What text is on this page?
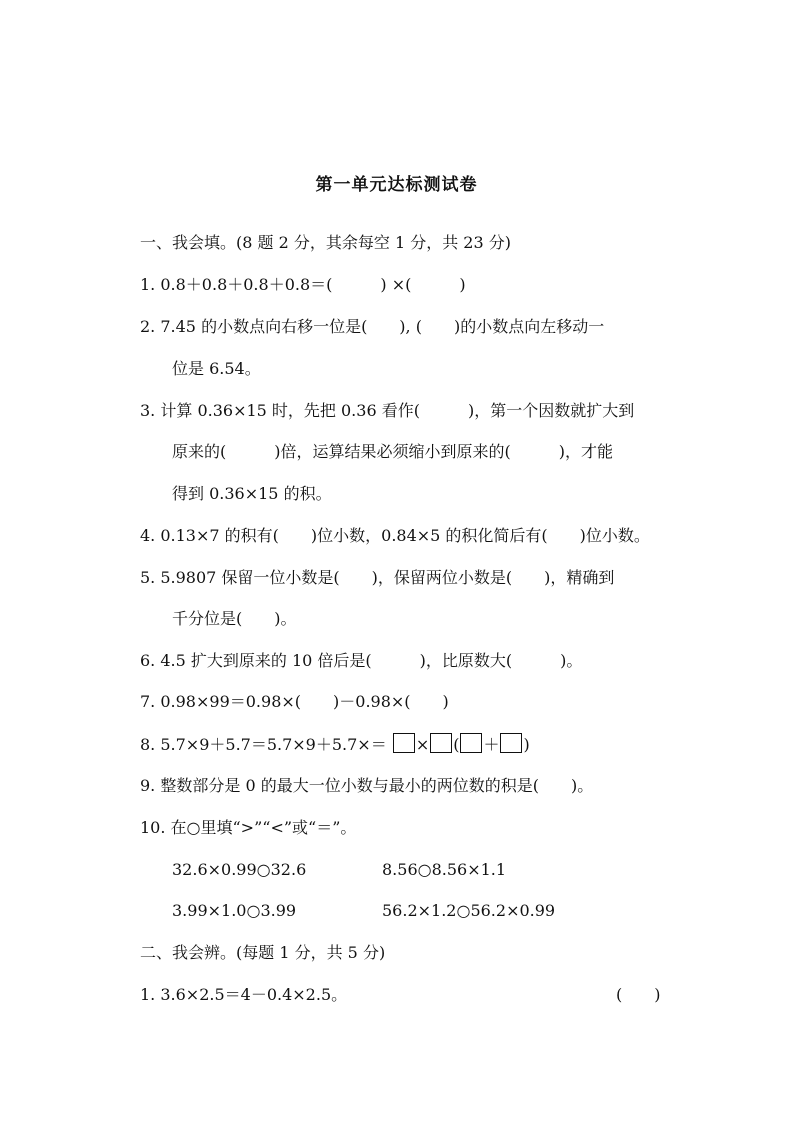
第一单元达标测试卷
一、我会填。(8 题 2 分，其余每空 1 分，共 23 分)
1. 0.8＋0.8＋0.8＋0.8＝(　　　) ×(　　　)
2. 7.45 的小数点向右移一位是(　　), (　　)的小数点向左移动一
位是 6.54。
3. 计算 0.36×15 时，先把 0.36 看作(　　　)，第一个因数就扩大到
原来的(　　　)倍，运算结果必须缩小到原来的(　　　)，才能
得到 0.36×15 的积。
4. 0.13×7 的积有(　　)位小数，0.84×5 的积化简后有(　　)位小数。
5. 5.9807 保留一位小数是(　　)，保留两位小数是(　　)，精确到
千分位是(　　)。
6. 4.5 扩大到原来的 10 倍后是(　　　)，比原数大(　　　)。
7. 0.98×99＝0.98×(　　)－0.98×(　　)
8. 5.7×9＋5.7＝5.7×9＋5.7×＝ × ( ＋ )
9. 整数部分是 0 的最大一位小数与最小的两位数的积是(　　)。
10. 在○里填“>”“<”或“＝”。
32.6×0.99○32.6	8.56○8.56×1.1
3.99×1.0○3.99	56.2×1.2○56.2×0.99
二、我会辨。(每题 1 分，共 5 分)
1. 3.6×2.5＝4－0.4×2.5。	(　　)
